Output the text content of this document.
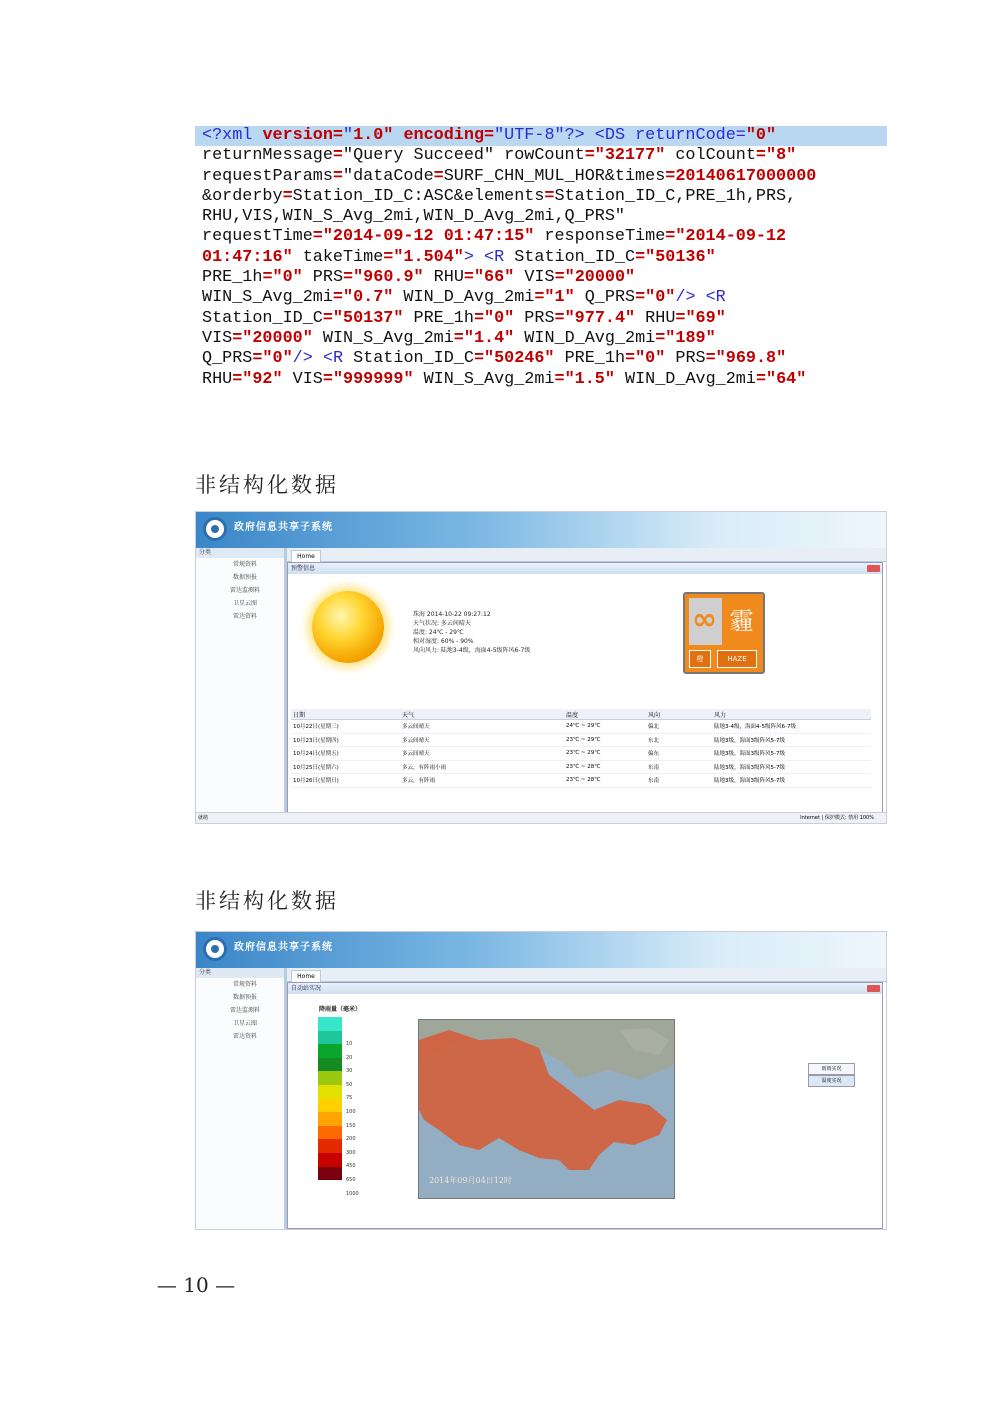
<?xml version="1.0" encoding="UTF-8"?> <DS returnCode="0"
returnMessage="Query Succeed" rowCount="32177" colCount="8"
requestParams="dataCode=SURF_CHN_MUL_HOR&times=20140617000000
&orderby=Station_ID_C:ASC&elements=Station_ID_C,PRE_1h,PRS,
RHU,VIS,WIN_S_Avg_2mi,WIN_D_Avg_2mi,Q_PRS"
requestTime="2014-09-12 01:47:15" responseTime="2014-09-12
01:47:16" takeTime="1.504"> <R Station_ID_C="50136"
PRE_1h="0" PRS="960.9" RHU="66" VIS="20000"
WIN_S_Avg_2mi="0.7" WIN_D_Avg_2mi="1" Q_PRS="0"/> <R
Station_ID_C="50137" PRE_1h="0" PRS="977.4" RHU="69"
VIS="20000" WIN_S_Avg_2mi="1.4" WIN_D_Avg_2mi="189"
Q_PRS="0"/> <R Station_ID_C="50246" PRE_1h="0" PRS="969.8"
RHU="92" VIS="999999" WIN_S_Avg_2mi="1.5" WIN_D_Avg_2mi="64"
非结构化数据
政府信息共享子系统
分类
常规资料
数据预报
雷达监测料
卫星云图
雷达资料
Home
预警信息
珠海 2014-10-22 09:27:12
天气状况: 多云间晴天
温度: 24℃ - 29℃
相对湿度: 60% - 90%
风向风力: 陆地3-4级，海面4-5级阵风6-7级
∞
霾
橙	HAZE
日期	天气	温度	风向	风力
10月22日(星期三)	多云间晴天	24℃ ~ 29℃	偏北	陆地3-4级，海面4-5级阵风6-7级
10月23日(星期四)	多云间晴天	23℃ ~ 29℃	东北	陆地3级，海面3级阵风5-7级
10月24日(星期五)	多云间晴天	23℃ ~ 29℃	偏东	陆地3级，海面3级阵风5-7级
10月25日(星期六)	多云，有阵雨小雨	23℃ ~ 28℃	东南	陆地3级，海面3级阵风5-7级
10月26日(星期日)	多云，有阵雨	23℃ ~ 28℃	东南	陆地3级，海面3级阵风5-7级
就绪	Internet | 保护模式: 禁用 100%
非结构化数据
政府信息共享子系统
分类
常规资料
数据预报
雷达监测料
卫星云图
雷达资料
Home
自动站实况
降雨量（毫米）
10
20
30
50
75
100
150
200
300
450
650
1000
2014年09月04日12时
雨雨实况
温度实况
— 10 —
